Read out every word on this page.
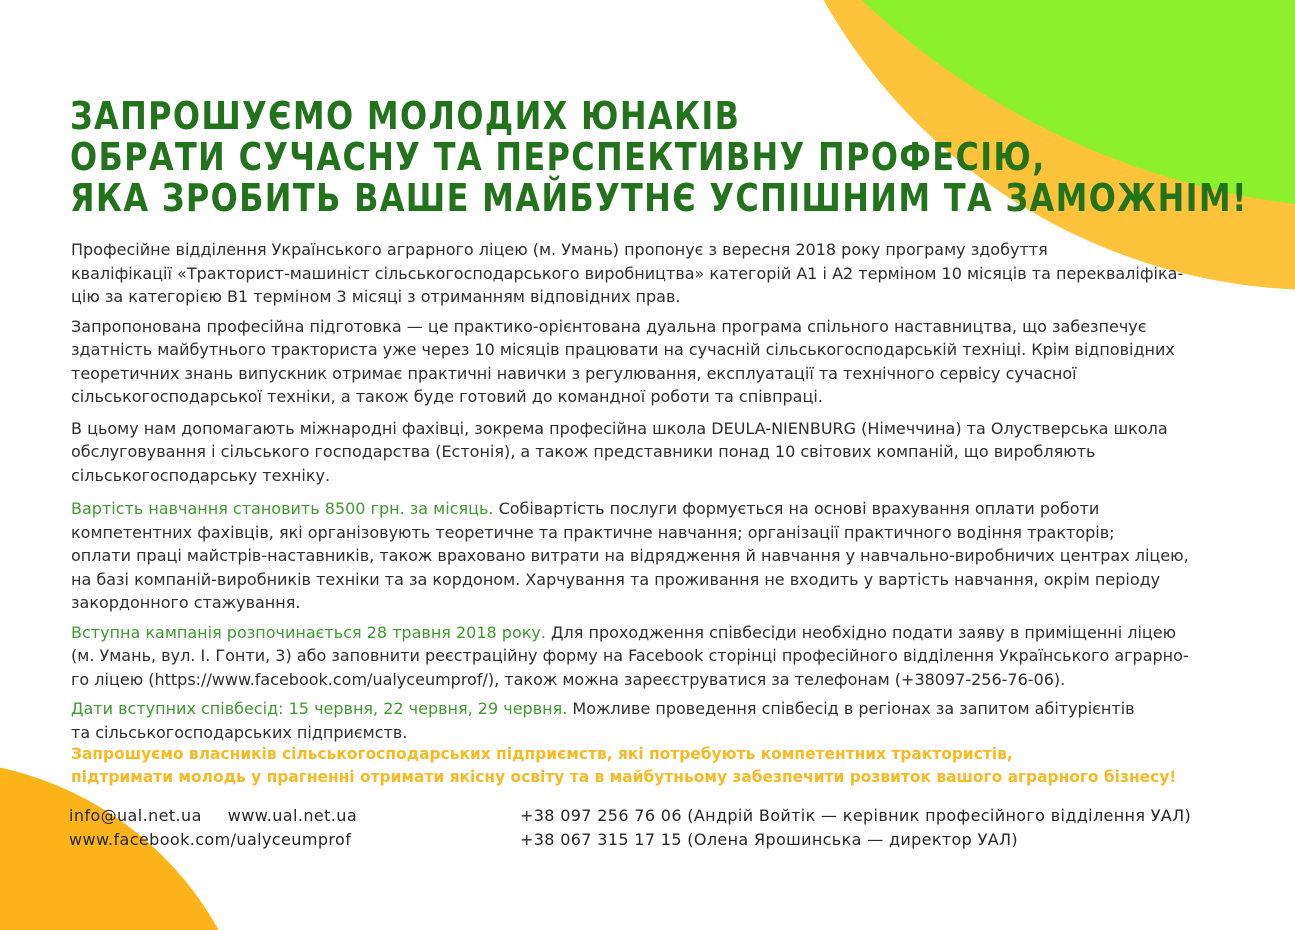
ЗАПРОШУЄМО МОЛОДИХ ЮНАКІВ
ОБРАТИ СУЧАСНУ ТА ПЕРСПЕКТИВНУ ПРОФЕСІЮ,
ЯКА ЗРОБИТЬ ВАШЕ МАЙБУТНЄ УСПІШНИМ ТА ЗАМОЖНІМ!

Професійне відділення Українського аграрного ліцею (м. Умань) пропонує з вересня 2018 року програму здобуття
кваліфікації «Тракторист-машиніст сільськогосподарського виробництва» категорій А1 і А2 терміном 10 місяців та перекваліфіка-
цію за категорією В1 терміном 3 місяці з отриманням відповідних прав.

Запропонована професійна підготовка — це практико-орієнтована дуальна програма спільного наставництва, що забезпечує
здатність майбутнього тракториста уже через 10 місяців працювати на сучасній сільськогосподарській техніці. Крім відповідних
теоретичних знань випускник отримає практичні навички з регулювання, експлуатації та технічного сервісу сучасної
сільськогосподарської техніки, а також буде готовий до командної роботи та співпраці.

В цьому нам допомагають міжнародні фахівці, зокрема професійна школа DEULA-NIENBURG (Німеччина) та Олустверська школа
обслуговування і сільського господарства (Естонія), а також представники понад 10 світових компаній, що виробляють
сільськогосподарську техніку.

Вартість навчання становить 8500 грн. за місяць. Собівартість послуги формується на основі врахування оплати роботи
компетентних фахівців, які організовують теоретичне та практичне навчання; організації практичного водіння тракторів;
оплати праці майстрів-наставників, також враховано витрати на відрядження й навчання у навчально-виробничих центрах ліцею,
на базі компаній-виробників техніки та за кордоном. Харчування та проживання не входить у вартість навчання, окрім періоду
закордонного стажування.

Вступна кампанія розпочинається 28 травня 2018 року. Для проходження співбесіди необхідно подати заяву в приміщенні ліцею
(м. Умань, вул. І. Гонти, 3) або заповнити реєстраційну форму на Facebook сторінці професійного відділення Українського аграрно-
го ліцею (https://www.facebook.com/ualyceumprof/), також можна зареєструватися за телефонам (+38097-256-76-06).

Дати вступних співбесід: 15 червня, 22 червня, 29 червня. Можливе проведення співбесід в регіонах за запитом абітурієнтів
та сільськогосподарських підприємств.

Запрошуємо власників сільськогосподарських підприємств, які потребують компетентних трактористів,
підтримати молодь у прагненні отримати якісну освіту та в майбутньому забезпечити розвиток вашого аграрного бізнесу!
info@ual.net.ua www.ual.net.ua
www.facebook.com/ualyceumprof
+38 097 256 76 06 (Андрій Войтік — керівник професійного відділення УАЛ)
+38 067 315 17 15 (Олена Ярошинська — директор УАЛ)
